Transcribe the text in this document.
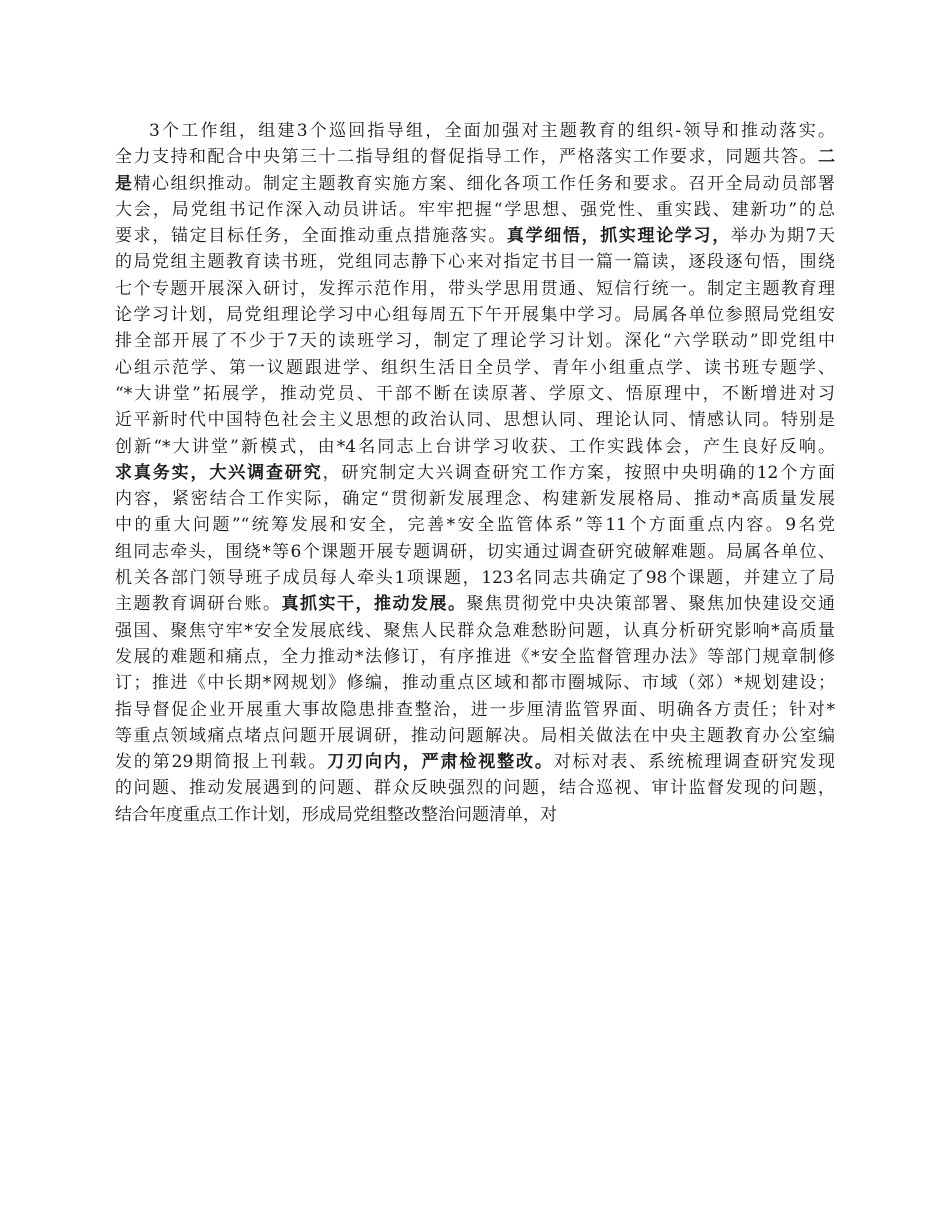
3个工作组，组建3个巡回指导组，全面加强对主题教育的组织-领导和推动落实。
全力支持和配合中央第三十二指导组的督促指导工作，严格落实工作要求，同题共答。二
是精心组织推动。制定主题教育实施方案、细化各项工作任务和要求。召开全局动员部署
大会，局党组书记作深入动员讲话。牢牢把握“学思想、强党性、重实践、建新功”的总
要求，锚定目标任务，全面推动重点措施落实。真学细悟，抓实理论学习，举办为期7天
的局党组主题教育读书班，党组同志静下心来对指定书目一篇一篇读，逐段逐句悟，围绕
七个专题开展深入研讨，发挥示范作用，带头学思用贯通、短信行统一。制定主题教育理
论学习计划，局党组理论学习中心组每周五下午开展集中学习。局属各单位参照局党组安
排全部开展了不少于7天的读班学习，制定了理论学习计划。深化“六学联动”即党组中
心组示范学、第一议题跟进学、组织生活日全员学、青年小组重点学、读书班专题学、
“*大讲堂”拓展学，推动党员、干部不断在读原著、学原文、悟原理中，不断增进对习
近平新时代中国特色社会主义思想的政治认同、思想认同、理论认同、情感认同。特别是
创新“*大讲堂”新模式，由*4名同志上台讲学习收获、工作实践体会，产生良好反响。
求真务实，大兴调查研究，研究制定大兴调查研究工作方案，按照中央明确的12个方面
内容，紧密结合工作实际，确定“贯彻新发展理念、构建新发展格局、推动*高质量发展
中的重大问题”“统筹发展和安全，完善*安全监管体系”等11个方面重点内容。9名党
组同志牵头，围绕*等6个课题开展专题调研，切实通过调查研究破解难题。局属各单位、
机关各部门领导班子成员每人牵头1项课题，123名同志共确定了98个课题，并建立了局
主题教育调研台账。真抓实干，推动发展。聚焦贯彻党中央决策部署、聚焦加快建设交通
强国、聚焦守牢*安全发展底线、聚焦人民群众急难愁盼问题，认真分析研究影响*高质量
发展的难题和痛点，全力推动*法修订，有序推进《*安全监督管理办法》等部门规章制修
订；推进《中长期*网规划》修编，推动重点区域和都市圈城际、市域（郊）*规划建设；
指导督促企业开展重大事故隐患排查整治，进一步厘清监管界面、明确各方责任；针对*
等重点领域痛点堵点问题开展调研，推动问题解决。局相关做法在中央主题教育办公室编
发的第29期简报上刊载。刀刃向内，严肃检视整改。对标对表、系统梳理调查研究发现
的问题、推动发展遇到的问题、群众反映强烈的问题，结合巡视、审计监督发现的问题，
结合年度重点工作计划，形成局党组整改整治问题清单，对
